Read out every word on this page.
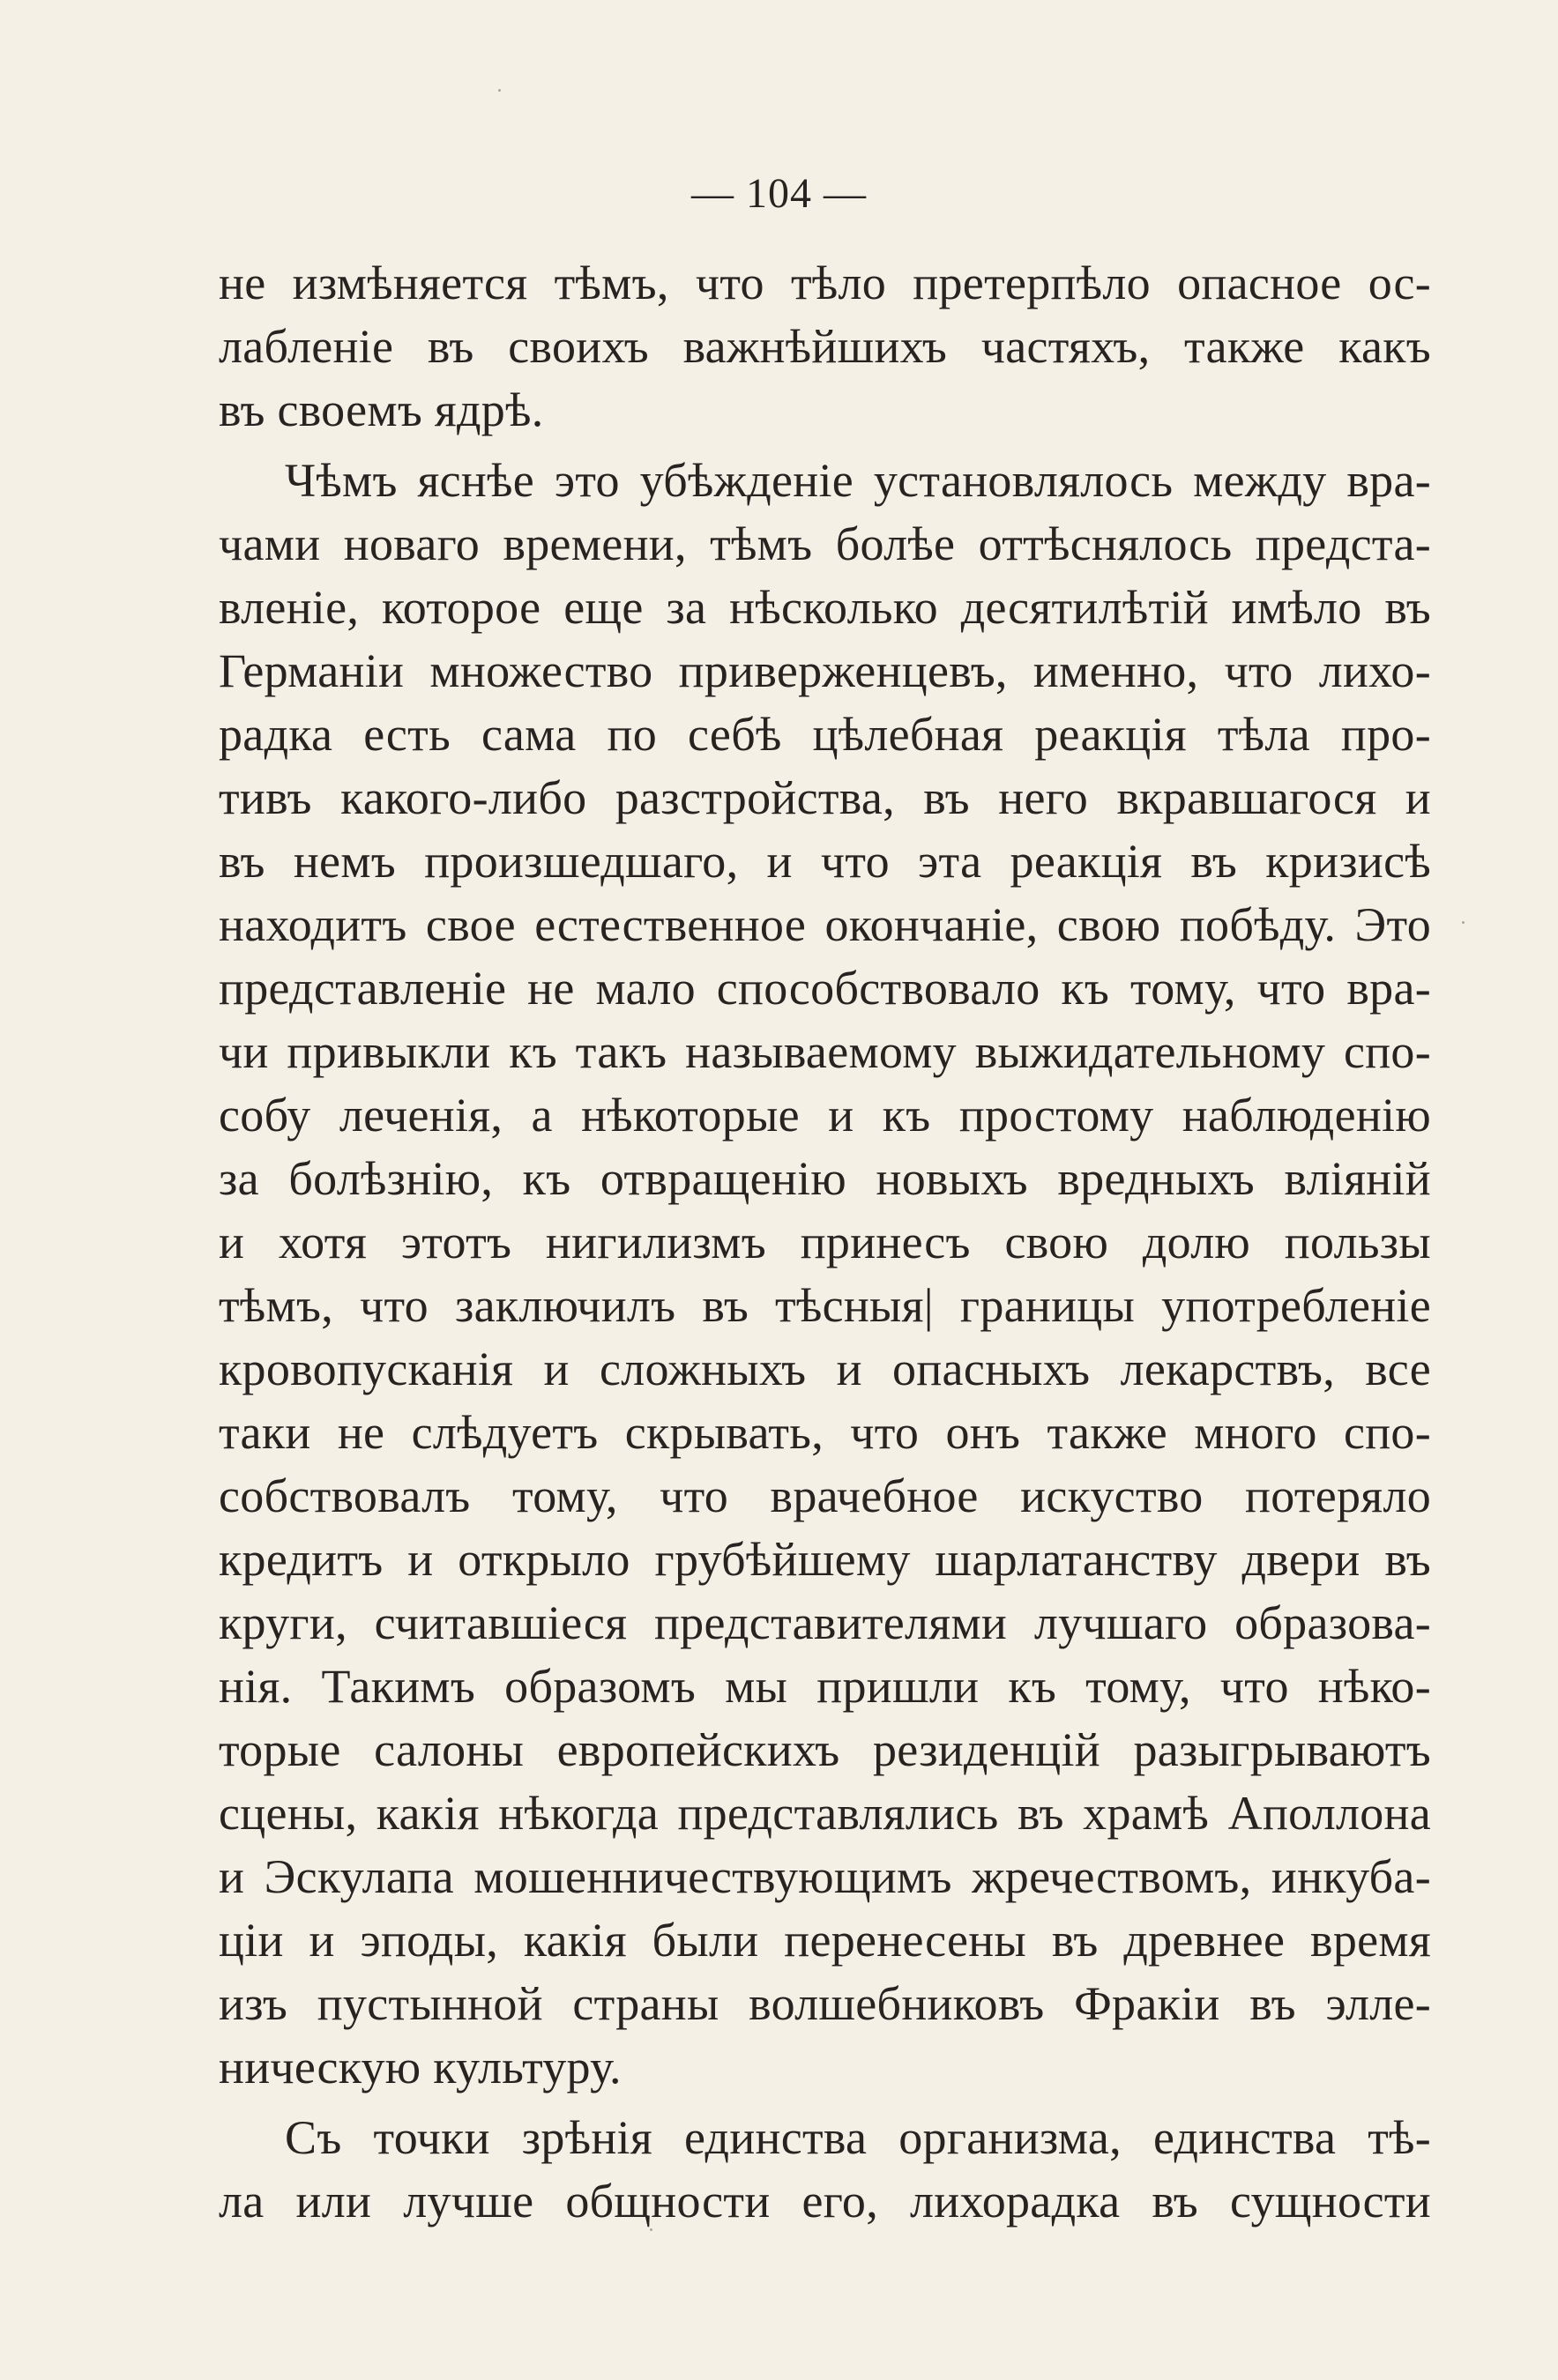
— 104 —
не измѣняется тѣмъ, что тѣло претерпѣло опасное ос-
лабленіе въ своихъ важнѣйшихъ частяхъ, также какъ
въ своемъ ядрѣ.
Чѣмъ яснѣе это убѣжденіе установлялось между вра-
чами новаго времени, тѣмъ болѣе оттѣснялось предста-
вленіе, которое еще за нѣсколько десятилѣтій имѣло въ
Германіи множество приверженцевъ, именно, что лихо-
радка есть сама по себѣ цѣлебная реакція тѣла про-
тивъ какого-либо разстройства, въ него вкравшагося и
въ немъ произшедшаго, и что эта реакція въ кризисѣ
находитъ свое естественное окончаніе, свою побѣду. Это
представленіе не мало способствовало къ тому, что вра-
чи привыкли къ такъ называемому выжидательному спо-
собу леченія, а нѣкоторые и къ простому наблюденію
за болѣзнію, къ отвращенію новыхъ вредныхъ вліяній
и хотя этотъ нигилизмъ принесъ свою долю пользы
тѣмъ, что заключилъ въ тѣсныя| границы употребленіе
кровопусканія и сложныхъ и опасныхъ лекарствъ, все
таки не слѣдуетъ скрывать, что онъ также много спо-
собствовалъ тому, что врачебное искуство потеряло
кредитъ и открыло грубѣйшему шарлатанству двери въ
круги, считавшіеся представителями лучшаго образова-
нія. Такимъ образомъ мы пришли къ тому, что нѣко-
торые салоны европейскихъ резиденцій разыгрываютъ
сцены, какія нѣкогда представлялись въ храмѣ Аполлона
и Эскулапа мошенничествующимъ жречествомъ, инкуба-
ціи и эподы, какія были перенесены въ древнее время
изъ пустынной страны волшебниковъ Фракіи въ элле-
ническую культуру.
Съ точки зрѣнія единства организма, единства тѣ-
ла или лучше общности его, лихорадка въ сущности
